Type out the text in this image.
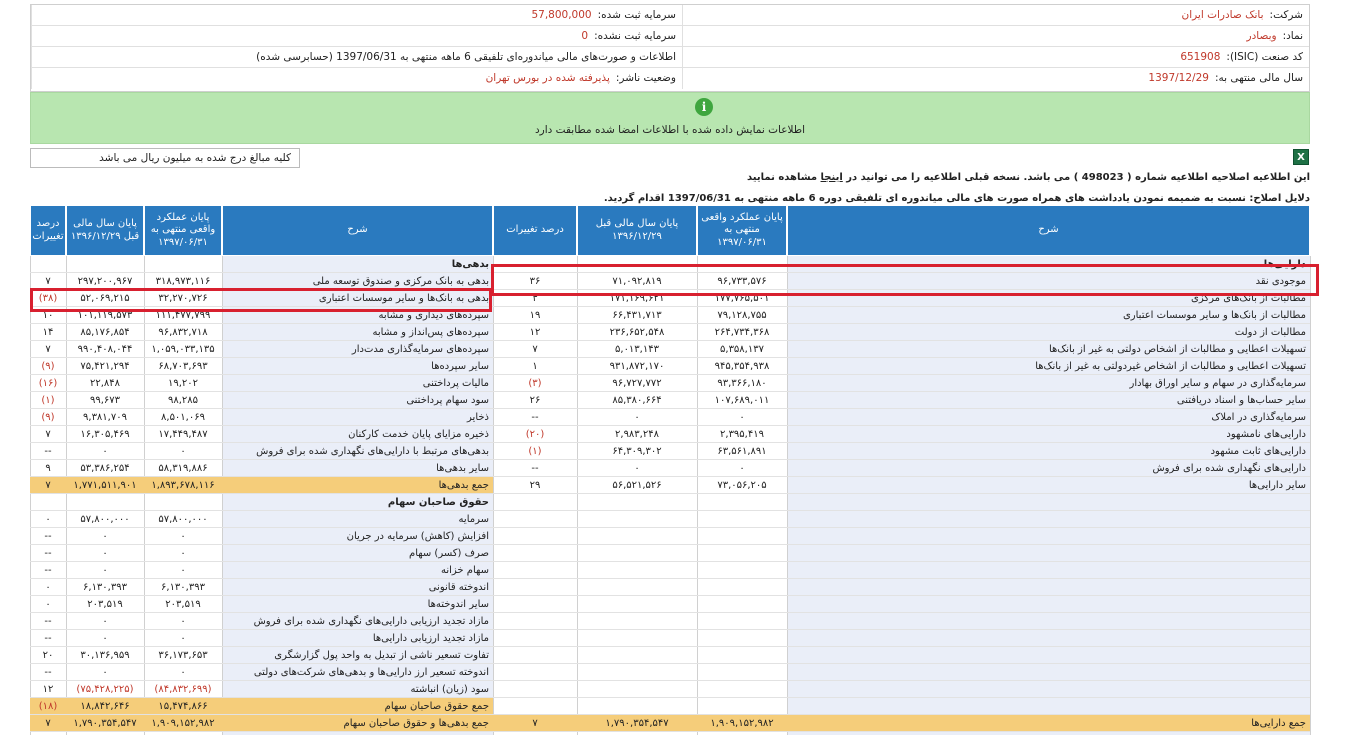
شرکت:بانک صادرات ایران
سرمایه ثبت شده:57,800,000
نماد:وبصادر
سرمایه ثبت نشده:0
کد صنعت (ISIC):651908
اطلاعات و صورت‌های مالی میاندوره‌ای تلفیقی 6 ماهه منتهی به 1397/06/31 (حسابرسی شده)
سال مالی منتهی به:1397/12/29
وضعیت ناشر:پذیرفته شده در بورس تهران
i
اطلاعات نمایش داده شده با اطلاعات امضا شده مطابقت دارد
کلیه مبالغ درج شده به میلیون ریال می باشد	X
این اطلاعیه اصلاحیه اطلاعیه شماره ( 498023 ) می باشد. نسخه قبلی اطلاعیه را می توانید در اینجا مشاهده نمایید
دلایل اصلاح: نسبت به ضمیمه نمودن یادداشت های همراه صورت های مالی میاندوره ای تلفیقی دوره 6 ماهه منتهی به 1397/06/31 اقدام گردید.
شرح
پایان عملکرد واقعی منتهی به ۱۳۹۷/۰۶/۳۱
پایان سال مالی قبل ۱۳۹۶/۱۲/۲۹
درصد تغییرات
شرح
پایان عملکرد واقعی منتهی به ۱۳۹۷/۰۶/۳۱
پایان سال مالی قبل ۱۳۹۶/۱۲/۲۹
درصد تغییرات
دارایی‌ها
موجودی نقد
۹۶,۷۳۳,۵۷۶
۷۱,۰۹۲,۸۱۹
۳۶
مطالبات از بانک‌های مرکزی
۱۷۷,۷۶۵,۵۰۱
۱۷۱,۱۶۹,۶۲۱
۴
مطالبات از بانک‌ها و سایر موسسات اعتباری
۷۹,۱۲۸,۷۵۵
۶۶,۴۳۱,۷۱۳
۱۹
مطالبات از دولت
۲۶۴,۷۳۴,۳۶۸
۲۳۶,۶۵۲,۵۴۸
۱۲
تسهیلات اعطایی و مطالبات از اشخاص دولتی به غیر از بانک‌ها
۵,۳۵۸,۱۳۷
۵,۰۱۳,۱۴۳
۷
تسهیلات اعطایی و مطالبات از اشخاص غیردولتی به غیر از بانک‌ها
۹۴۵,۳۵۴,۹۳۸
۹۳۱,۸۷۲,۱۷۰
۱
سرمایه‌گذاری در سهام و سایر اوراق بهادار
۹۳,۳۶۶,۱۸۰
۹۶,۷۲۷,۷۷۲
(۳)
سایر حساب‌ها و اسناد دریافتنی
۱۰۷,۶۸۹,۰۱۱
۸۵,۳۸۰,۶۶۴
۲۶
سرمایه‌گذاری در املاک
۰
۰
--
دارایی‌های نامشهود
۲,۳۹۵,۴۱۹
۲,۹۸۳,۲۴۸
(۲۰)
دارایی‌های ثابت مشهود
۶۳,۵۶۱,۸۹۱
۶۴,۳۰۹,۳۰۲
(۱)
دارایی‌های نگهداری شده برای فروش
۰
۰
--
سایر دارایی‌ها
۷۳,۰۵۶,۲۰۵
۵۶,۵۲۱,۵۲۶
۲۹
جمع دارایی‌ها
۱,۹۰۹,۱۵۲,۹۸۲
۱,۷۹۰,۳۵۴,۵۴۷
۷
بدهی‌ها
بدهی به بانک مرکزی و صندوق توسعه ملی
۳۱۸,۹۷۳,۱۱۶
۲۹۷,۲۰۰,۹۶۷
۷
بدهی به بانک‌ها و سایر موسسات اعتباری
۳۲,۲۷۰,۷۲۶
۵۲,۰۶۹,۲۱۵
(۳۸)
سپرده‌های دیداری و مشابه
۱۱۱,۴۷۷,۷۹۹
۱۰۱,۱۱۹,۵۷۳
۱۰
سپرده‌های پس‌انداز و مشابه
۹۶,۸۳۲,۷۱۸
۸۵,۱۷۶,۸۵۴
۱۴
سپرده‌های سرمایه‌گذاری مدت‌دار
۱,۰۵۹,۰۳۳,۱۳۵
۹۹۰,۴۰۸,۰۴۴
۷
سایر سپرده‌ها
۶۸,۷۰۳,۶۹۳
۷۵,۴۲۱,۲۹۴
(۹)
مالیات پرداختنی
۱۹,۲۰۲
۲۲,۸۴۸
(۱۶)
سود سهام پرداختنی
۹۸,۲۸۵
۹۹,۶۷۳
(۱)
ذخایر
۸,۵۰۱,۰۶۹
۹,۳۸۱,۷۰۹
(۹)
ذخیره مزایای پایان خدمت کارکنان
۱۷,۴۴۹,۴۸۷
۱۶,۳۰۵,۴۶۹
۷
بدهی‌های مرتبط با دارایی‌های نگهداری شده برای فروش
۰
۰
--
سایر بدهی‌ها
۵۸,۳۱۹,۸۸۶
۵۳,۳۸۶,۲۵۴
۹
جمع بدهی‌ها
۱,۸۹۳,۶۷۸,۱۱۶
۱,۷۷۱,۵۱۱,۹۰۱
۷
حقوق صاحبان سهام
سرمایه
۵۷,۸۰۰,۰۰۰
۵۷,۸۰۰,۰۰۰
۰
افزایش (کاهش) سرمایه در جریان
۰
۰
--
صرف (کسر) سهام
۰
۰
--
سهام خزانه
۰
۰
--
اندوخته قانونی
۶,۱۳۰,۳۹۳
۶,۱۳۰,۳۹۳
۰
سایر اندوخته‌ها
۲۰۳,۵۱۹
۲۰۳,۵۱۹
۰
مازاد تجدید ارزیابی دارایی‌های نگهداری شده برای فروش
۰
۰
--
مازاد تجدید ارزیابی دارایی‌ها
۰
۰
--
تفاوت تسعیر ناشی از تبدیل به واحد پول گزارشگری
۳۶,۱۷۳,۶۵۳
۳۰,۱۳۶,۹۵۹
۲۰
اندوخته تسعیر ارز دارایی‌ها و بدهی‌های شرکت‌های دولتی
۰
۰
--
سود (زیان) انباشته
(۸۴,۸۳۲,۶۹۹)
(۷۵,۴۲۸,۲۲۵)
۱۲
جمع حقوق صاحبان سهام
۱۵,۴۷۴,۸۶۶
۱۸,۸۴۲,۶۴۶
(۱۸)
جمع بدهی‌ها و حقوق صاحبان سهام
۱,۹۰۹,۱۵۲,۹۸۲
۱,۷۹۰,۳۵۴,۵۴۷
۷
